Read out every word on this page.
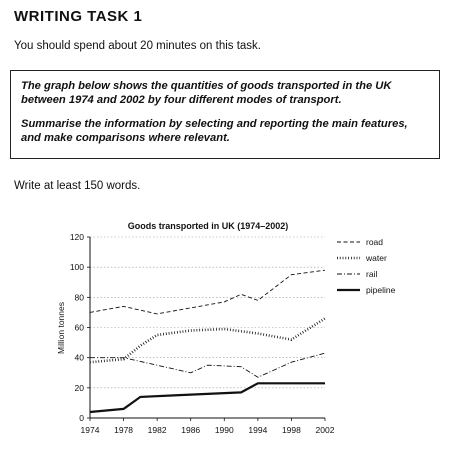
WRITING TASK 1
You should spend about 20 minutes on this task.

The graph below shows the quantities of goods transported in the UK between 1974 and 2002 by four different modes of transport.

Summarise the information by selecting and reporting the main features, and make comparisons where relevant.

Write at least 150 words.
Goods transported in UK (1974–2002)
Million tonnes
0
20
40
60
80
100
120
1974 1978 1982 1986 1990 1994 1998 2002
road
water
rail
pipeline
